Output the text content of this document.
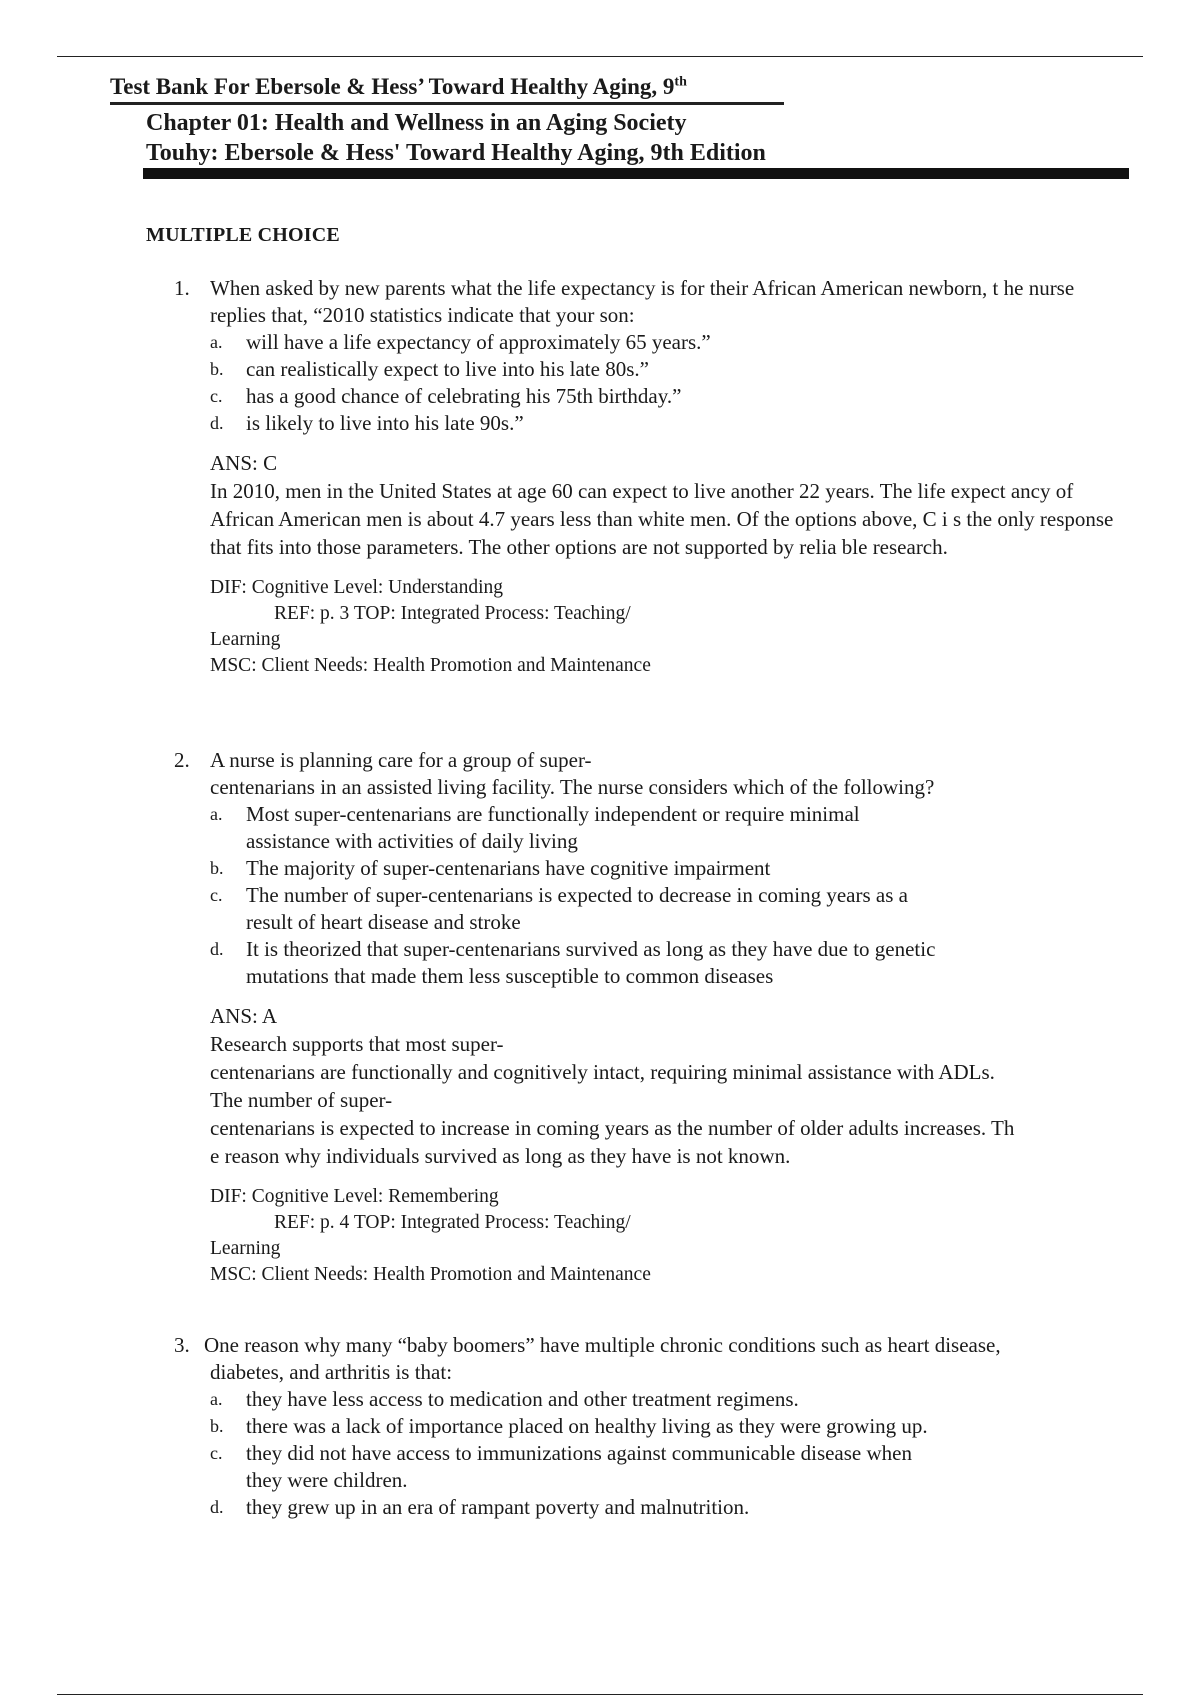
Test Bank For Ebersole & Hess’ Toward Healthy Aging, 9th
Chapter 01: Health and Wellness in an Aging Society
Touhy: Ebersole & Hess' Toward Healthy Aging, 9th Edition
MULTIPLE CHOICE
1. When asked by new parents what the life expectancy is for their African American newborn, t he nurse replies that, “2010 statistics indicate that your son:
a. will have a life expectancy of approximately 65 years.”
b. can realistically expect to live into his late 80s.”
c. has a good chance of celebrating his 75th birthday.”
d. is likely to live into his late 90s.”
ANS: C
In 2010, men in the United States at age 60 can expect to live another 22 years. The life expect ancy of African American men is about 4.7 years less than white men. Of the options above, C i s the only response that fits into those parameters. The other options are not supported by relia ble research.
DIF: Cognitive Level: Understanding
REF: p. 3 TOP: Integrated Process: Teaching/
Learning
MSC: Client Needs: Health Promotion and Maintenance
2. A nurse is planning care for a group of super-
centenarians in an assisted living facility. The nurse considers which of the following?
a. Most super-centenarians are functionally independent or require minimal
assistance with activities of daily living
b. The majority of super-centenarians have cognitive impairment
c. The number of super-centenarians is expected to decrease in coming years as a
result of heart disease and stroke
d. It is theorized that super-centenarians survived as long as they have due to genetic
mutations that made them less susceptible to common diseases
ANS: A
Research supports that most super-
centenarians are functionally and cognitively intact, requiring minimal assistance with ADLs.
The number of super-
centenarians is expected to increase in coming years as the number of older adults increases. Th
e reason why individuals survived as long as they have is not known.
DIF: Cognitive Level: Remembering
REF: p. 4 TOP: Integrated Process: Teaching/
Learning
MSC: Client Needs: Health Promotion and Maintenance
3. One reason why many “baby boomers” have multiple chronic conditions such as heart disease,
diabetes, and arthritis is that:
a. they have less access to medication and other treatment regimens.
b. there was a lack of importance placed on healthy living as they were growing up.
c. they did not have access to immunizations against communicable disease when
they were children.
d. they grew up in an era of rampant poverty and malnutrition.
